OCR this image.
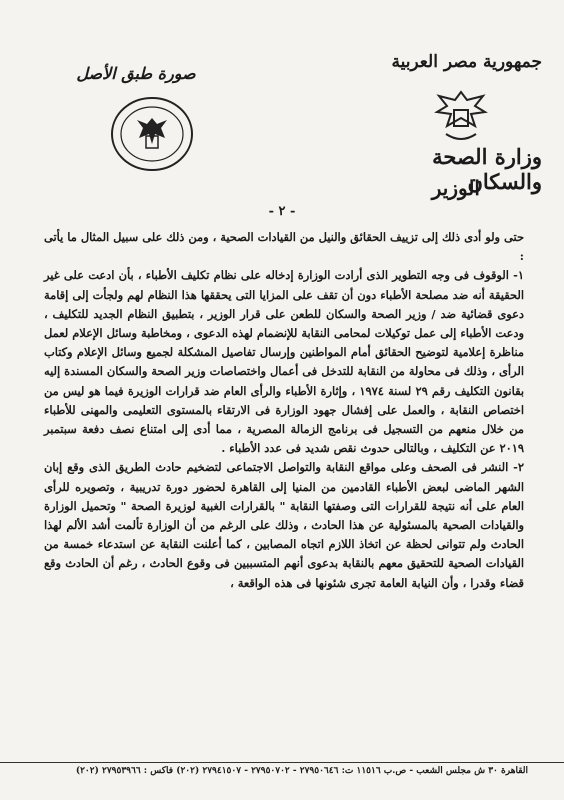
صورة طبق الأصل
جمهورية مصر العربية
وزارة الصحة والسكان
الوزير
- ٢ -

حتى ولو أدى ذلك إلى تزييف الحقائق والنيل من القيادات الصحية ، ومن ذلك على سبيل المثال ما يأتى :

١- الوقوف فى وجه التطوير الذى أرادت الوزارة إدخاله على نظام تكليف الأطباء ، بأن ادعت على غير الحقيقة أنه ضد مصلحة الأطباء دون أن تقف على المزايا التى يحققها هذا النظام لهم ولجأت إلى إقامة دعوى قضائية ضد / وزير الصحة والسكان للطعن على قرار الوزير ، بتطبيق النظام الجديد للتكليف ، ودعت الأطباء إلى عمل توكيلات لمحامى النقابة للإنضمام لهذه الدعوى ، ومخاطبة وسائل الإعلام لعمل مناظرة إعلامية لتوضيح الحقائق أمام المواطنين وإرسال تفاصيل المشكلة لجميع وسائل الإعلام وكتاب الرأى ، وذلك فى محاولة من النقابة للتدخل فى أعمال واختصاصات وزير الصحة والسكان المسندة إليه بقانون التكليف رقم ٢٩ لسنة ١٩٧٤ ، وإثارة الأطباء والرأى العام ضد قرارات الوزيرة فيما هو ليس من اختصاص النقابة ، والعمل على إفشال جهود الوزارة فى الارتقاء بالمستوى التعليمى والمهنى للأطباء من خلال منعهم من التسجيل فى برنامج الزمالة المصرية ، مما أدى إلى امتناع نصف دفعة سبتمبر ٢٠١٩ عن التكليف ، وبالتالى حدوث نقص شديد فى عدد الأطباء .

٢- النشر فى الصحف وعلى مواقع النقابة والتواصل الاجتماعى لتضخيم حادث الطريق الذى وقع إبان الشهر الماضى لبعض الأطباء القادمين من المنيا إلى القاهرة لحضور دورة تدريبية ، وتصويره للرأى العام على أنه نتيجة للقرارات التى وصفتها النقابة " بالقرارات الغبية لوزيرة الصحة " وتحميل الوزارة والقيادات الصحية بالمسئولية عن هذا الحادث ، وذلك على الرغم من أن الوزارة تألمت أشد الألم لهذا الحادث ولم تتوانى لحظة عن اتخاذ اللازم اتجاه المصابين ، كما أعلنت النقابة عن استدعاء خمسة من القيادات الصحية للتحقيق معهم بالنقابة بدعوى أنهم المتسببين فى وقوع الحادث ، رغم أن الحادث وقع قضاء وقدرا ، وأن النيابة العامة تجرى شئونها فى هذه الواقعة ،

القاهرة ٣٠ ش مجلس الشعب - ص.ب ١١٥١٦ ت: ٢٧٩٥٠٦٤٦ - ٢٧٩٥٠٧٠٢ - ٢٧٩٤١٥٠٧ (٢٠٢) فاكس : ٢٧٩٥٣٩٦٦ (٢٠٢)
